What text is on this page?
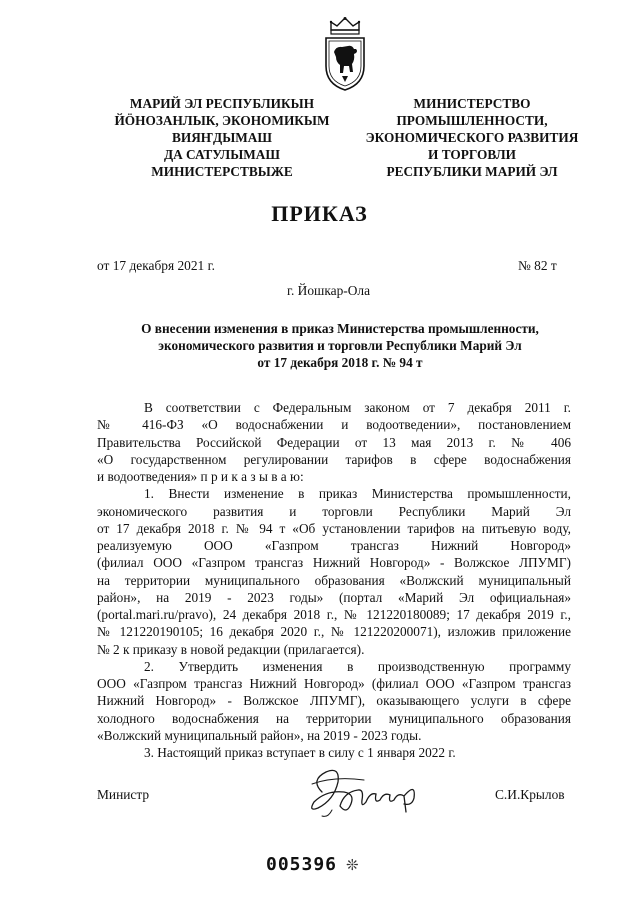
МАРИЙ ЭЛ РЕСПУБЛИКЫН
ЙӦНОЗАНЛЫК, ЭКОНОМИКЫМ
ВИЯҤДЫМАШ
ДА САТУЛЫМАШ
МИНИСТЕРСТВЫЖЕ
МИНИСТЕРСТВО
ПРОМЫШЛЕННОСТИ,
ЭКОНОМИЧЕСКОГО РАЗВИТИЯ
И ТОРГОВЛИ
РЕСПУБЛИКИ МАРИЙ ЭЛ
ПРИКАЗ
от 17 декабря 2021 г.	№ 82 т
г. Йошкар-Ола
О внесении изменения в приказ Министерства промышленности,
экономического развития и торговли Республики Марий Эл
от 17 декабря 2018 г. № 94 т
В соответствии с Федеральным законом от 7 декабря 2011 г.
№ 416-ФЗ «О водоснабжении и водоотведении», постановлением
Правительства Российской Федерации от 13 мая 2013 г. № 406
«О государственном регулировании тарифов в сфере водоснабжения
и водоотведения» п р и к а з ы в а ю:
1. Внести изменение в приказ Министерства промышленности,
экономического развития и торговли Республики Марий Эл
от 17 декабря 2018 г. № 94 т «Об установлении тарифов на питьевую воду,
реализуемую ООО «Газпром трансгаз Нижний Новгород»
(филиал ООО «Газпром трансгаз Нижний Новгород» - Волжское ЛПУМГ)
на территории муниципального образования «Волжский муниципальный
район», на 2019 - 2023 годы» (портал «Марий Эл официальная»
(portal.mari.ru/pravo), 24 декабря 2018 г., № 121220180089; 17 декабря 2019 г.,
№ 121220190105; 16 декабря 2020 г., № 121220200071), изложив приложение
№ 2 к приказу в новой редакции (прилагается).
2. Утвердить изменения в производственную программу
ООО «Газпром трансгаз Нижний Новгород» (филиал ООО «Газпром трансгаз
Нижний Новгород» - Волжское ЛПУМГ), оказывающего услуги в сфере
холодного водоснабжения на территории муниципального образования
«Волжский муниципальный район», на 2019 - 2023 годы.
3. Настоящий приказ вступает в силу с 1 января 2022 г.
Министр	С.И.Крылов
005396 ❊
